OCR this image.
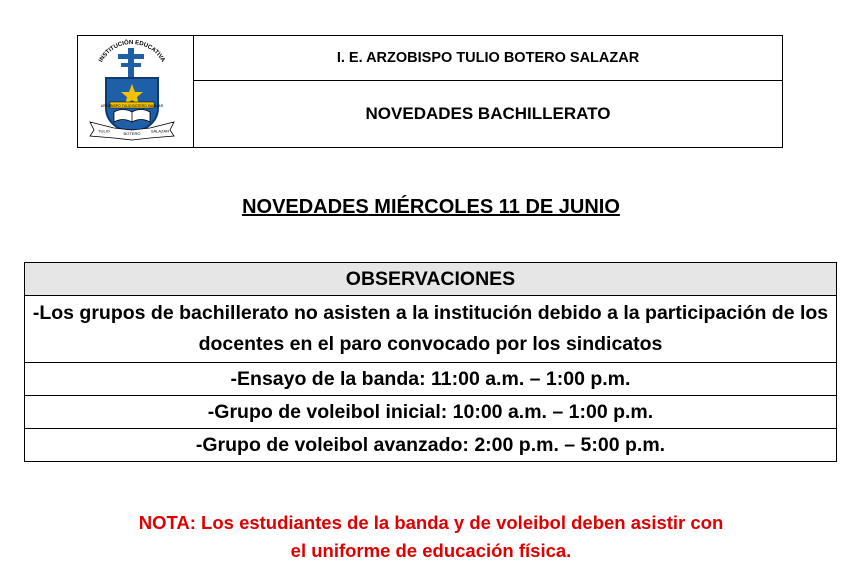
INSTITUCIÓN EDUCATIVA
ARZOBISPO TULIO BOTERO SALAZAR
TULIO	BOTERO	SALAZAR
I. E. ARZOBISPO TULIO BOTERO SALAZAR
NOVEDADES BACHILLERATO
NOVEDADES MIÉRCOLES 11 DE JUNIO
OBSERVACIONES
-Los grupos de bachillerato no asisten a la institución debido a la participación de los docentes en el paro convocado por los sindicatos
-Ensayo de la banda: 11:00 a.m. – 1:00 p.m.
-Grupo de voleibol inicial: 10:00 a.m. – 1:00 p.m.
-Grupo de voleibol avanzado: 2:00 p.m. – 5:00 p.m.
NOTA: Los estudiantes de la banda y de voleibol deben asistir con
el uniforme de educación física.
